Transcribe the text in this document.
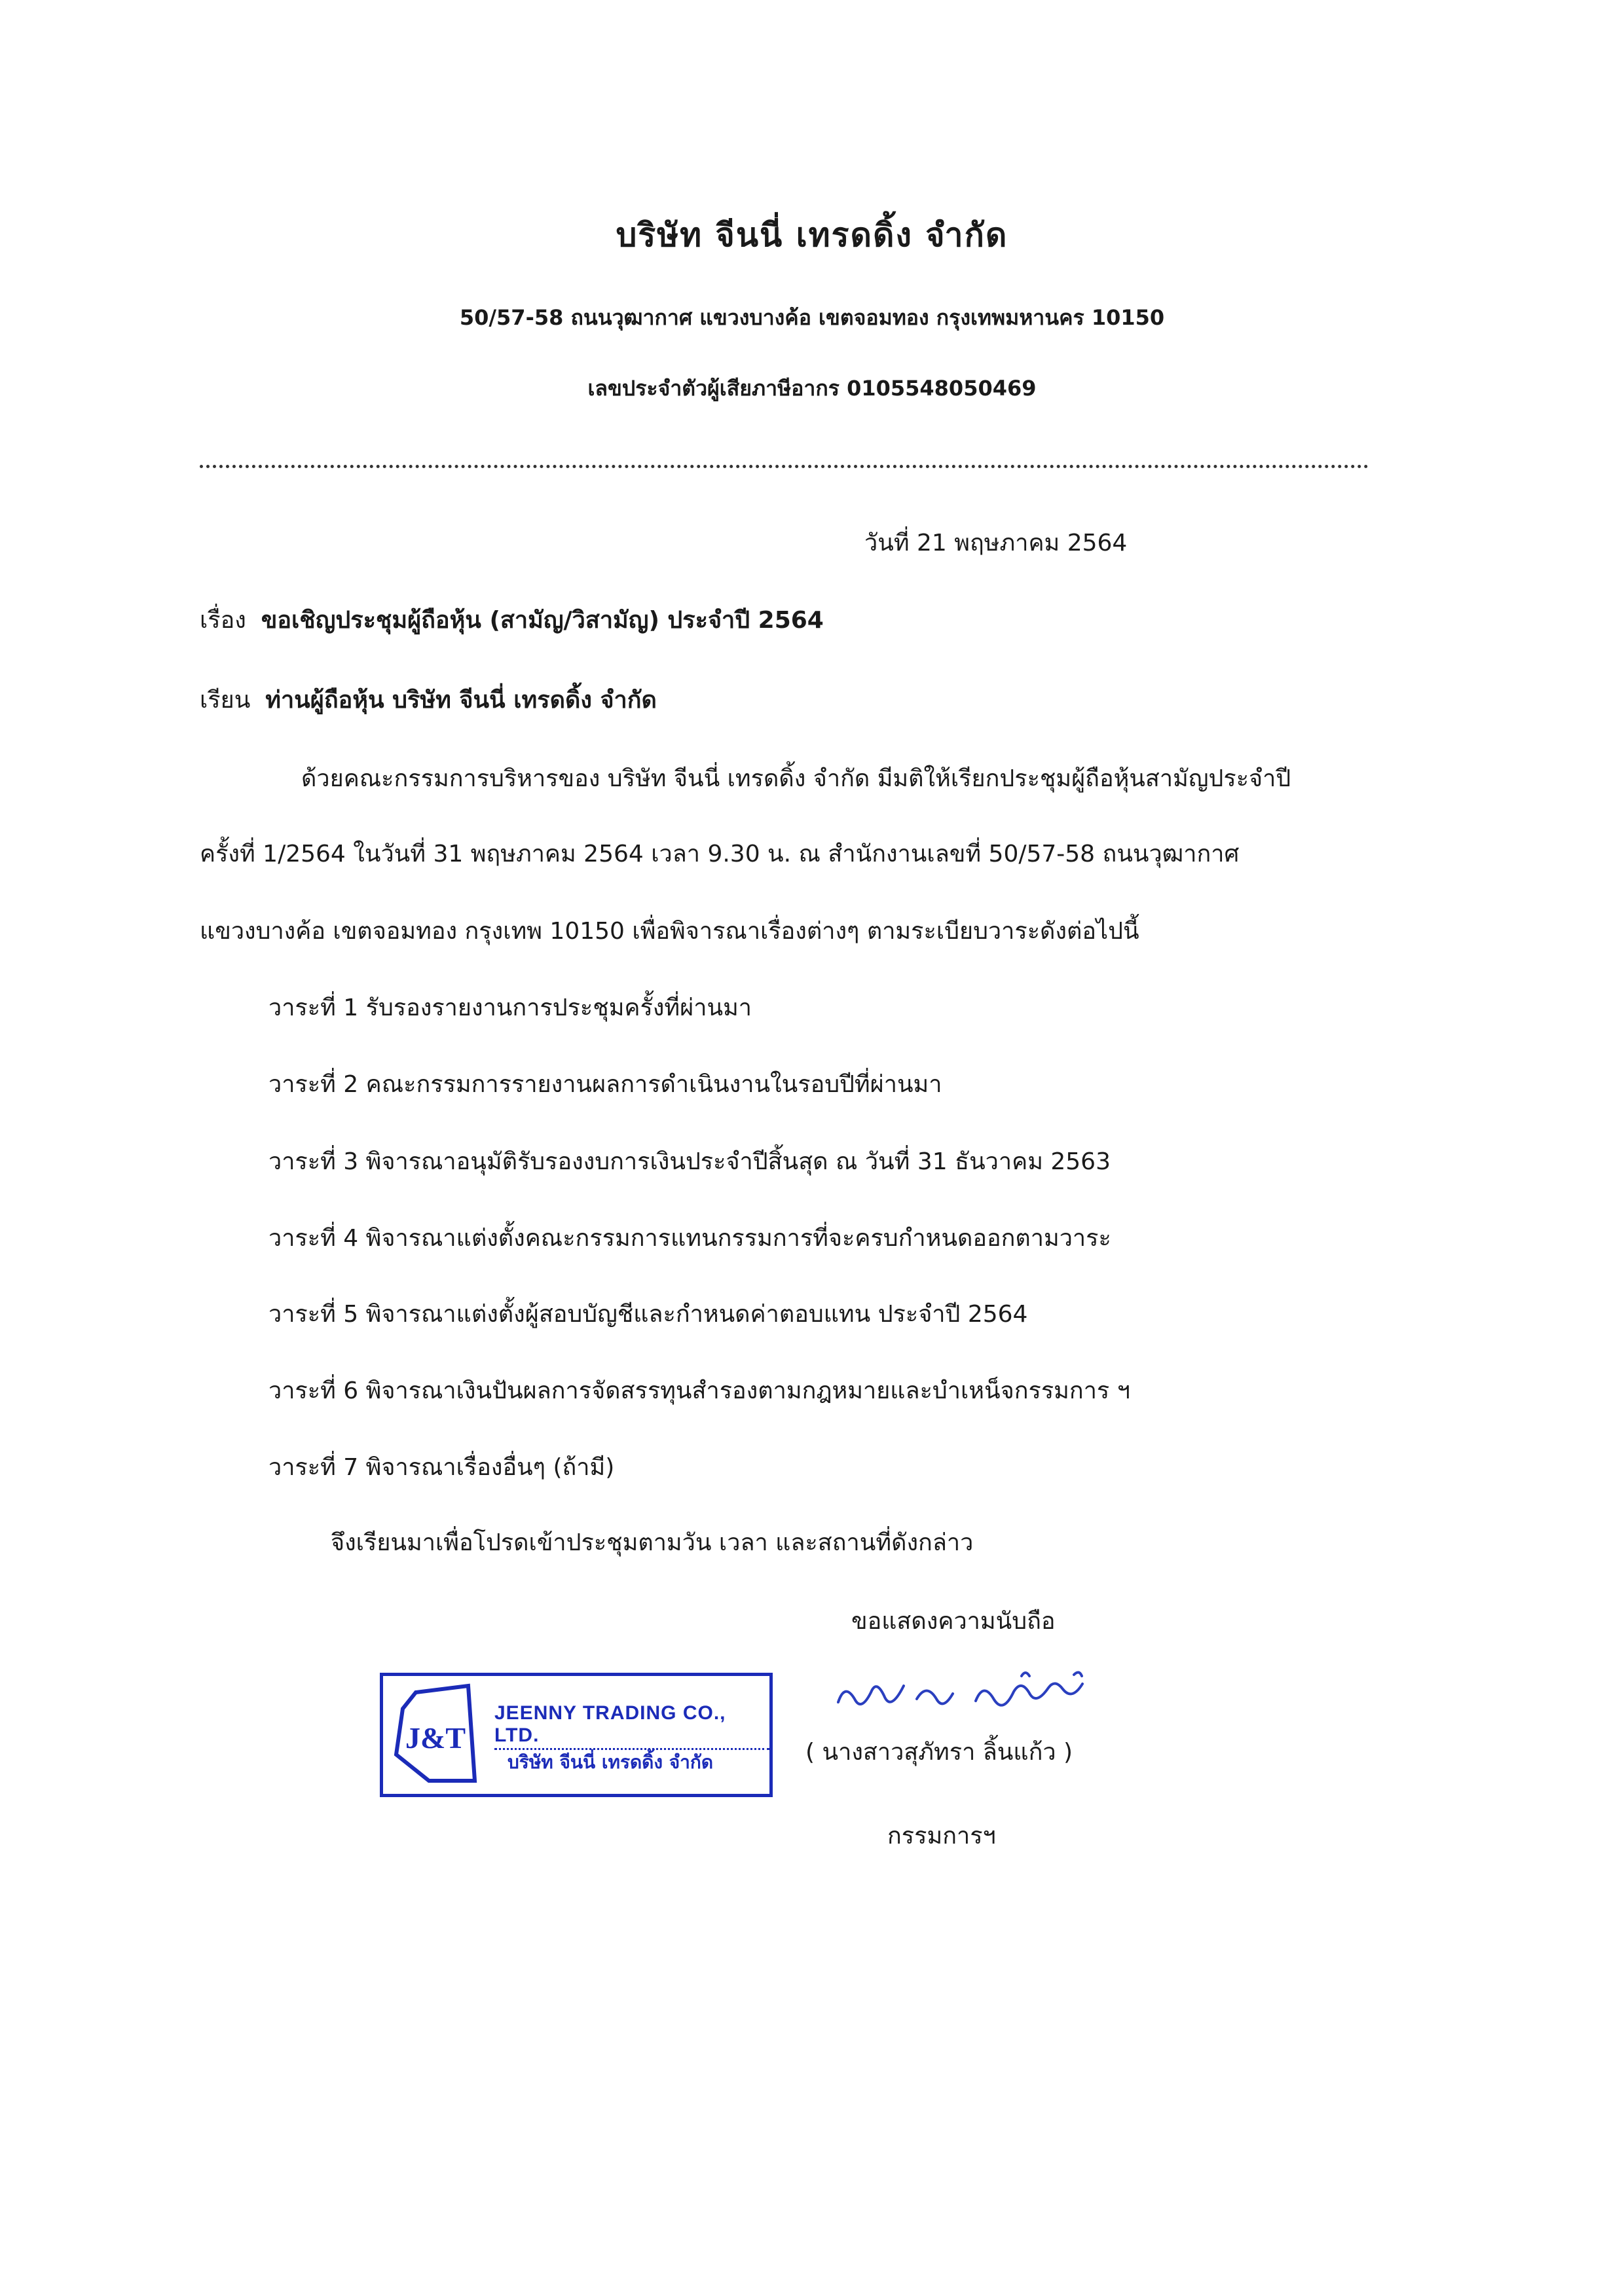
บริษัท จีนนี่ เทรดดิ้ง จำกัด
50/57-58 ถนนวุฒากาศ แขวงบางค้อ เขตจอมทอง กรุงเทพมหานคร 10150
เลขประจำตัวผู้เสียภาษีอากร 0105548050469
วันที่ 21 พฤษภาคม 2564
เรื่อง ขอเชิญประชุมผู้ถือหุ้น (สามัญ/วิสามัญ) ประจำปี 2564
เรียน ท่านผู้ถือหุ้น บริษัท จีนนี่ เทรดดิ้ง จำกัด
ด้วยคณะกรรมการบริหารของ บริษัท จีนนี่ เทรดดิ้ง จำกัด มีมติให้เรียกประชุมผู้ถือหุ้นสามัญประจำปี
ครั้งที่ 1/2564 ในวันที่ 31 พฤษภาคม 2564 เวลา 9.30 น. ณ สำนักงานเลขที่ 50/57-58 ถนนวุฒากาศ
แขวงบางค้อ เขตจอมทอง กรุงเทพ 10150 เพื่อพิจารณาเรื่องต่างๆ ตามระเบียบวาระดังต่อไปนี้
วาระที่ 1 รับรองรายงานการประชุมครั้งที่ผ่านมา
วาระที่ 2 คณะกรรมการรายงานผลการดำเนินงานในรอบปีที่ผ่านมา
วาระที่ 3 พิจารณาอนุมัติรับรองงบการเงินประจำปีสิ้นสุด ณ วันที่ 31 ธันวาคม 2563
วาระที่ 4 พิจารณาแต่งตั้งคณะกรรมการแทนกรรมการที่จะครบกำหนดออกตามวาระ
วาระที่ 5 พิจารณาแต่งตั้งผู้สอบบัญชีและกำหนดค่าตอบแทน ประจำปี 2564
วาระที่ 6 พิจารณาเงินปันผลการจัดสรรทุนสำรองตามกฎหมายและบำเหน็จกรรมการ ฯ
วาระที่ 7 พิจารณาเรื่องอื่นๆ (ถ้ามี)
จึงเรียนมาเพื่อโปรดเข้าประชุมตามวัน เวลา และสถานที่ดังกล่าว
ขอแสดงความนับถือ
J&T
JEENNY TRADING CO., LTD.
บริษัท จีนนี่ เทรดดิ้ง จำกัด	( นางสาวสุภัทรา ลิ้นแก้ว )
กรรมการฯ
